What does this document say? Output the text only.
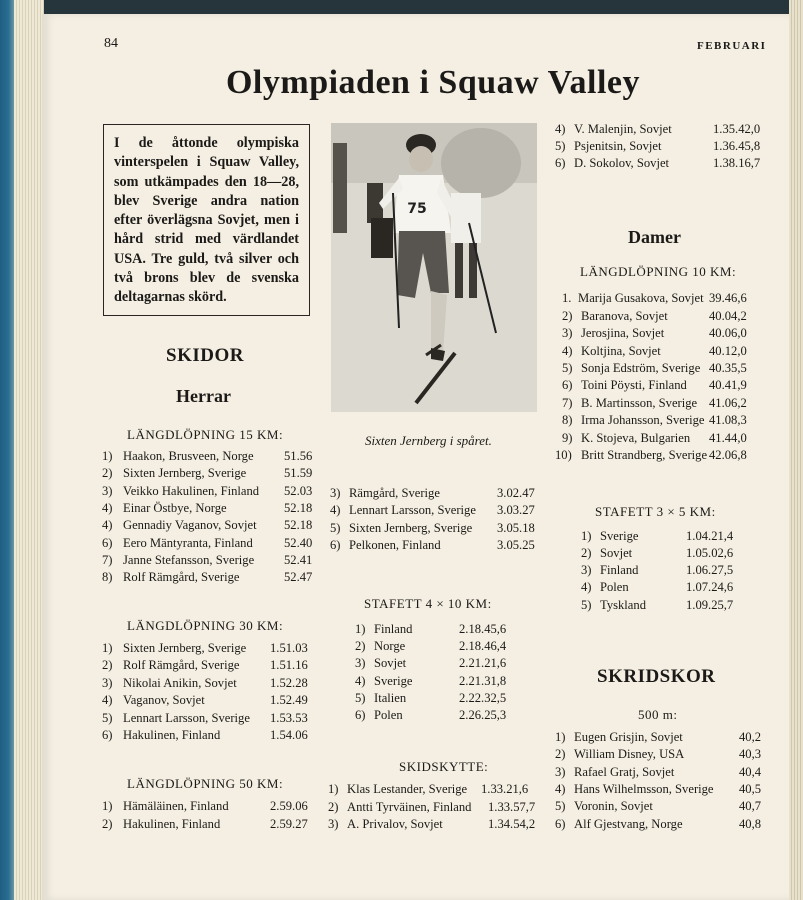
84	FEBRUARI
Olympiaden i Squaw Valley
I de åttonde olympiska vinterspelen i Squaw Valley, som utkämpades den 18—28, blev Sverige andra nation efter överlägsna Sovjet, men i hård strid med värdlandet USA. Tre guld, två silver och två brons blev de svenska deltagarnas skörd.
75
Sixten Jernberg i spåret.
SKIDOR
Herrar
LÄNGDLÖPNING 15 KM:
1) Haakon, Brusveen, Norge 51.56
2) Sixten Jernberg, Sverige	51.59
3) Veikko Hakulinen, Finland 52.03
4) Einar Östbye, Norge	52.18
4) Gennadiy Vaganov, Sovjet 52.18
6) Eero Mäntyranta, Finland 52.40
7) Janne Stefansson, Sverige 52.41
8) Rolf Rämgård, Sverige	52.47
LÄNGDLÖPNING 30 KM:
1) Sixten Jernberg, Sverige 1.51.03
2) Rolf Rämgård, Sverige 1.51.16
3) Nikolai Anikin, Sovjet	1.52.28
4) Vaganov, Sovjet	1.52.49
5) Lennart Larsson, Sverige 1.53.53
6) Hakulinen, Finland	1.54.06
LÄNGDLÖPNING 50 KM:
1) Hämäläinen, Finland	2.59.06
2) Hakulinen, Finland	2.59.27
3) Rämgård, Sverige	3.02.47
4) Lennart Larsson, Sverige 3.03.27
5) Sixten Jernberg, Sverige 3.05.18
6) Pelkonen, Finland	3.05.25
STAFETT 4 × 10 KM:
1) Finland	2.18.45,6
2) Norge	2.18.46,4
3) Sovjet	2.21.21,6
4) Sverige	2.21.31,8
5) Italien	2.22.32,5
6) Polen	2.26.25,3
SKIDSKYTTE:
1) Klas Lestander, Sverige 1.33.21,6
2) Antti Tyrväinen, Finland 1.33.57,7
3) A. Privalov, Sovjet	1.34.54,2
4) V. Malenjin, Sovjet	1.35.42,0
5) Psjenitsin, Sovjet	1.36.45,8
6) D. Sokolov, Sovjet	1.38.16,7
Damer
LÄNGDLÖPNING 10 KM:
1. Marija Gusakova, Sovjet 39.46,6
2) Baranova, Sovjet	40.04,2
3) Jerosjina, Sovjet	40.06,0
4) Koltjina, Sovjet	40.12,0
5) Sonja Edström, Sverige 40.35,5
6) Toini Pöysti, Finland 40.41,9
7) B. Martinsson, Sverige 41.06,2
8) Irma Johansson, Sverige 41.08,3
9) K. Stojeva, Bulgarien 41.44,0
10) Britt Strandberg, Sverige 42.06,8
STAFETT 3 × 5 KM:
1) Sverige	1.04.21,4
2) Sovjet	1.05.02,6
3) Finland	1.06.27,5
4) Polen	1.07.24,6
5) Tyskland	1.09.25,7
SKRIDSKOR
500 m:
1) Eugen Grisjin, Sovjet	40,2
2) William Disney, USA	40,3
3) Rafael Gratj, Sovjet	40,4
4) Hans Wilhelmsson, Sverige 40,5
5) Voronin, Sovjet	40,7
6) Alf Gjestvang, Norge	40,8
